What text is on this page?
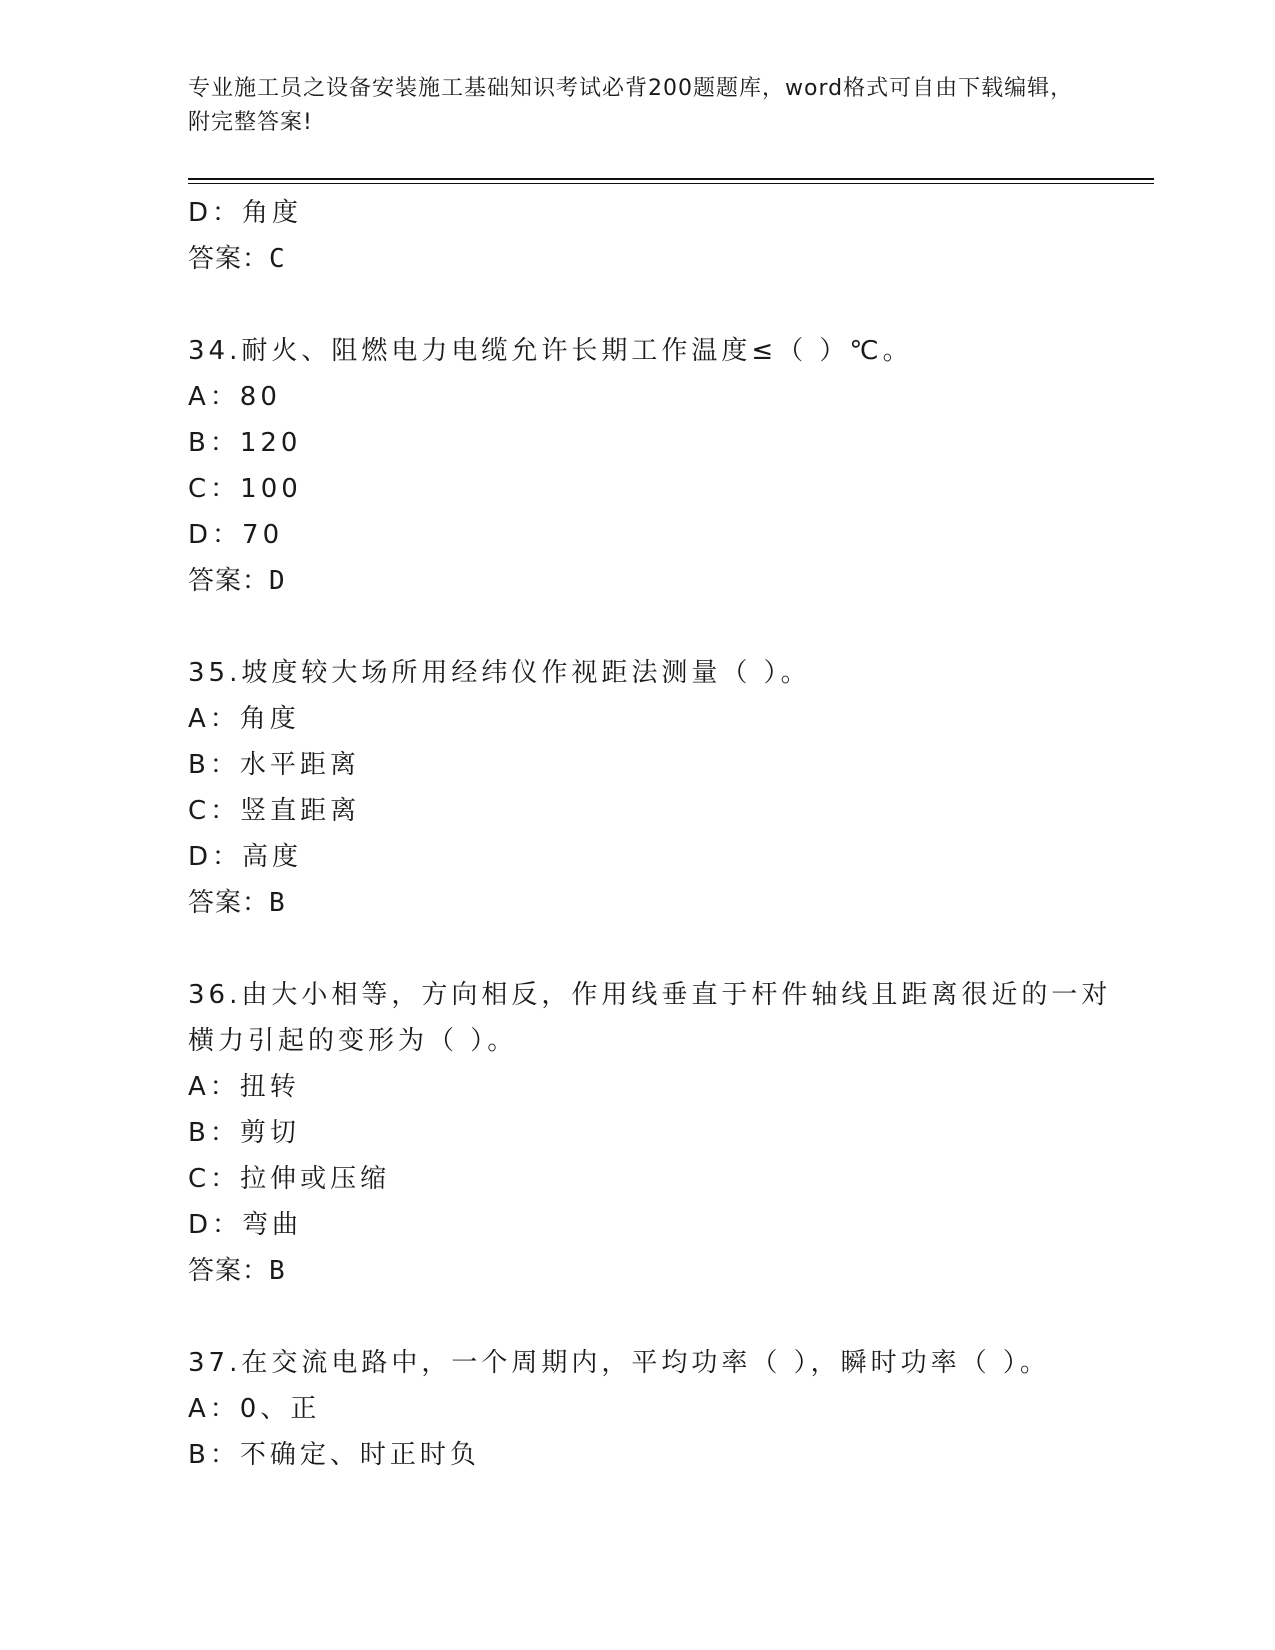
专业施工员之设备安装施工基础知识考试必背200题题库，word格式可自由下载编辑，附完整答案!
D：角度
答案：C
34.耐火、阻燃电力电缆允许长期工作温度≤（ ）℃。
A：80
B：120
C：100
D：70
答案：D
35.坡度较大场所用经纬仪作视距法测量（ ）。
A：角度
B：水平距离
C：竖直距离
D：高度
答案：B
36.由大小相等，方向相反，作用线垂直于杆件轴线且距离很近的一对
横力引起的变形为（ ）。
A：扭转
B：剪切
C：拉伸或压缩
D：弯曲
答案：B
37.在交流电路中，一个周期内，平均功率（ ），瞬时功率（ ）。
A：0、正
B：不确定、时正时负
